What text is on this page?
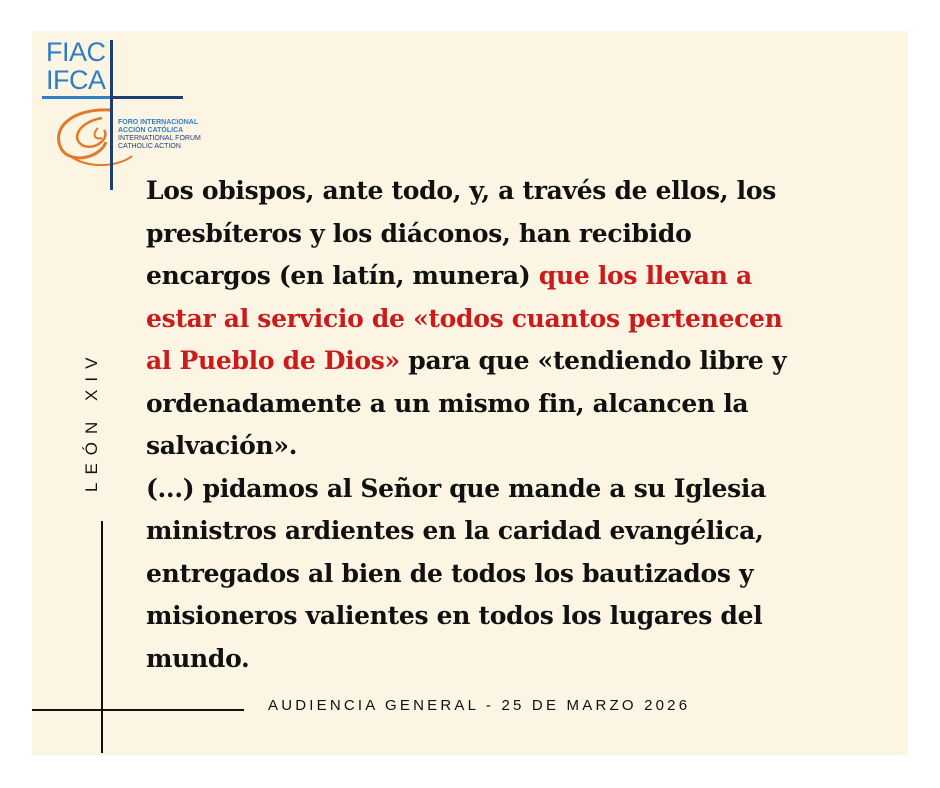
FIAC
IFCA
FORO INTERNACIONAL
ACCIÓN CATÓLICA
INTERNATIONAL FORUM
CATHOLIC ACTION
LEÓN XIV
Los obispos, ante todo, y, a través de ellos, los
presbíteros y los diáconos, han recibido
encargos (en latín, munera) que los llevan a
estar al servicio de «todos cuantos pertenecen
al Pueblo de Dios» para que «tendiendo libre y
ordenadamente a un mismo fin, alcancen la
salvación».
(...) pidamos al Señor que mande a su Iglesia
ministros ardientes en la caridad evangélica,
entregados al bien de todos los bautizados y
misioneros valientes en todos los lugares del
mundo.
AUDIENCIA GENERAL - 25 DE MARZO 2026
